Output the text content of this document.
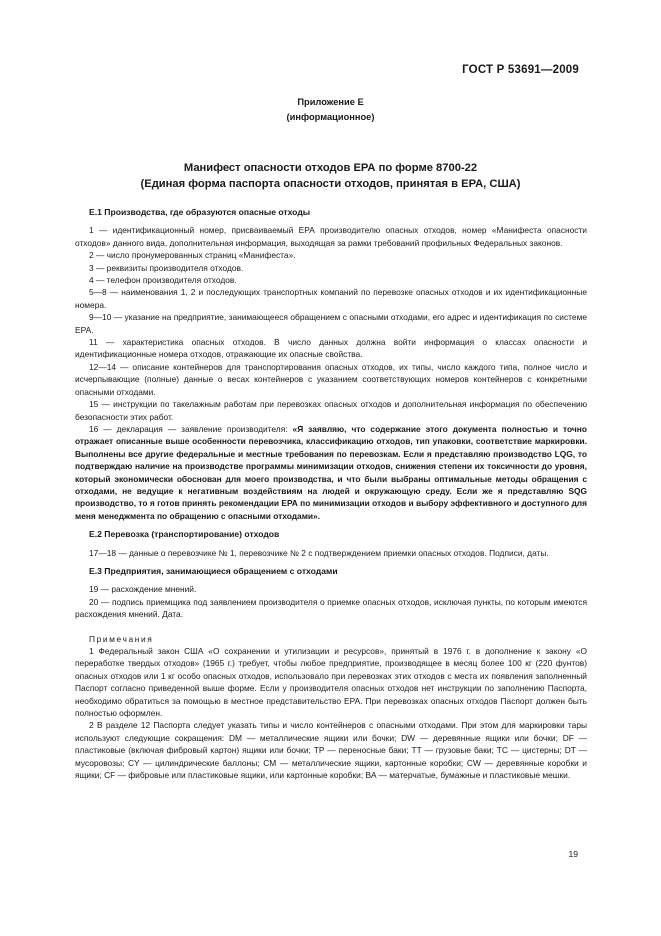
ГОСТ Р 53691—2009
Приложение Е
(информационное)
Манифест опасности отходов ЕРА по форме 8700-22
(Единая форма паспорта опасности отходов, принятая в ЕРА, США)
Е.1 Производства, где образуются опасные отходы

1 — идентификационный номер, присваиваемый ЕРА производителю опасных отходов, номер «Манифеста опасности отходов» данного вида, дополнительная информация, выходящая за рамки требований профильных Федеральных законов.

2 — число пронумерованных страниц «Манифеста».

3 — реквизиты производителя отходов.

4 — телефон производителя отходов.

5—8 — наименования 1, 2 и последующих транспортных компаний по перевозке опасных отходов и их идентификационные номера.

9—10 — указание на предприятие, занимающееся обращением с опасными отходами, его адрес и идентификация по системе ЕРА.

11 — характеристика опасных отходов. В число данных должна войти информация о классах опасности и идентификационные номера отходов, отражающие их опасные свойства.

12—14 — описание контейнеров для транспортирования опасных отходов, их типы, число каждого типа, полное число и исчерпывающие (полные) данные о весах контейнеров с указанием соответствующих номеров контейнеров с конкретными опасными отходами.

15 — инструкции по такелажным работам при перевозках опасных отходов и дополнительная информация по обеспечению безопасности этих работ.

16 — декларация — заявление производителя: «Я заявляю, что содержание этого документа полностью и точно отражает описанные выше особенности перевозчика, классификацию отходов, тип упаковки, соответствие маркировки. Выполнены все другие федеральные и местные требования по перевозкам. Если я представляю производство LQG, то подтверждаю наличие на производстве программы минимизации отходов, снижения степени их токсичности до уровня, который экономически обоснован для моего производства, и что были выбраны оптимальные методы обращения с отходами, не ведущие к негативным воздействиям на людей и окружающую среду. Если же я представляю SQG производство, то я готов принять рекомендации ЕРА по минимизации отходов и выбору эффективного и доступного для меня менеджмента по обращению с опасными отходами».

Е.2 Перевозка (транспортирование) отходов

17—18 — данные о перевозчике № 1, перевозчике № 2 с подтверждением приемки опасных отходов. Подписи, даты.

Е.3 Предприятия, занимающиеся обращением с отходами

19 — расхождение мнений.

20 — подпись приемщика под заявлением производителя о приемке опасных отходов, исключая пункты, по которым имеются расхождения мнений. Дата.

Примечания

1 Федеральный закон США «О сохранении и утилизации и ресурсов», принятый в 1976 г. в дополнение к закону «О переработке твердых отходов» (1965 г.) требует, чтобы любое предприятие, производящее в месяц более 100 кг (220 фунтов) опасных отходов или 1 кг особо опасных отходов, использовало при перевозках этих отходов с места их появления заполненный Паспорт согласно приведенной выше форме. Если у производителя опасных отходов нет инструкции по заполнению Паспорта, необходимо обратиться за помощью в местное представительство ЕРА. При перевозках опасных отходов Паспорт должен быть полностью оформлен.

2 В разделе 12 Паспорта следует указать типы и число контейнеров с опасными отходами. При этом для маркировки тары используют следующие сокращения: DM — металлические ящики или бочки; DW — деревянные ящики или бочки; DF — пластиковые (включая фибровый картон) ящики или бочки; TP — переносные баки; TT — грузовые баки; TC — цистерны; DT — мусоровозы; CY — цилиндрические баллоны; CM — металлические ящики, картонные коробки; CW — деревянные коробки и ящики; CF — фибровые или пластиковые ящики, или картонные коробки; BA — матерчатые, бумажные и пластиковые мешки.

19
